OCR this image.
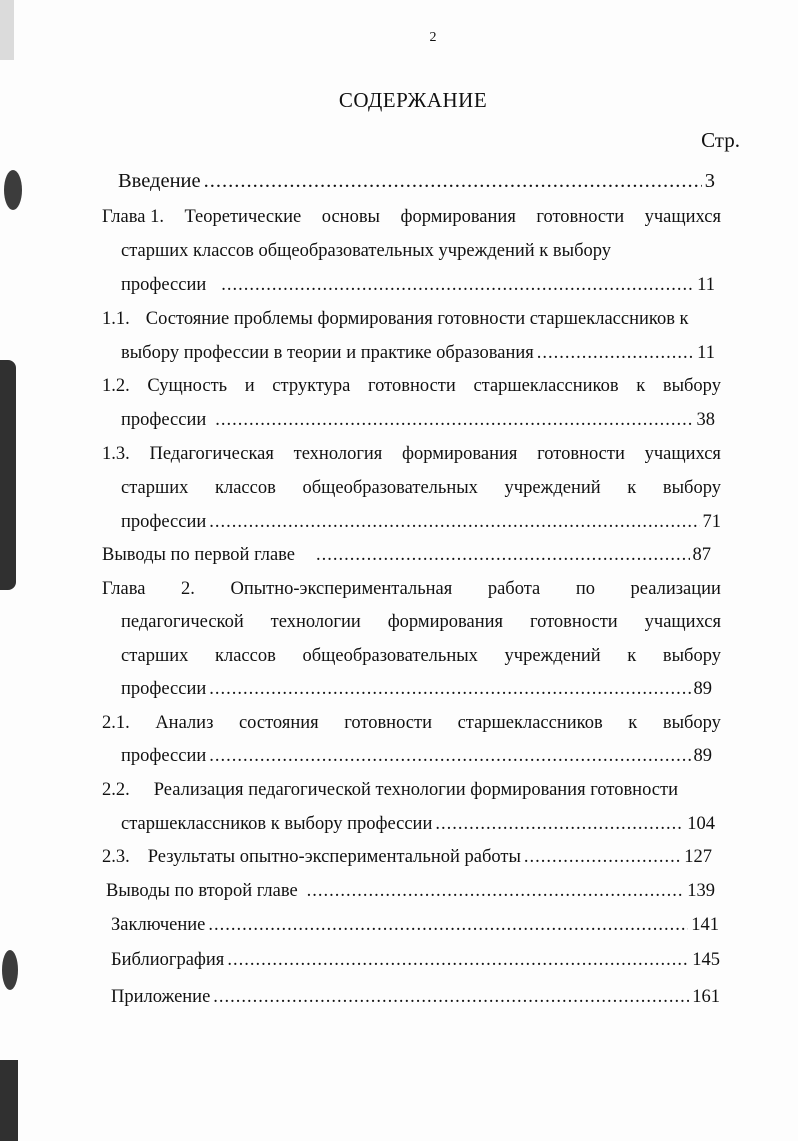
2
СОДЕРЖАНИЕ
Стр.
Введение .....	3
Глава 1. Теоретические основы формирования готовности учащихся
старших классов общеобразовательных учреждений к выбору
профессии .....	11
1.1. Состояние проблемы формирования готовности старшеклассников к
выбору профессии в теории и практике образования .....	11
1.2. Сущность и структура готовности старшеклассников к выбору
профессии .....	38
1.3. Педагогическая технология формирования готовности учащихся
старших классов общеобразовательных учреждений к выбору
профессии .....	71
Выводы по первой главе .....	87
Глава 2. Опытно-экспериментальная работа по реализации
педагогической технологии формирования готовности учащихся
старших классов общеобразовательных учреждений к выбору
профессии .....	89
2.1. Анализ состояния готовности старшеклассников к выбору
профессии .....	89
2.2. Реализация педагогической технологии формирования готовности
старшеклассников к выбору профессии .....	104
2.3. Результаты опытно-экспериментальной работы .....	127
Выводы по второй главе .....	139
Заключение .....	141
Библиография .....	145
Приложение .....	161
